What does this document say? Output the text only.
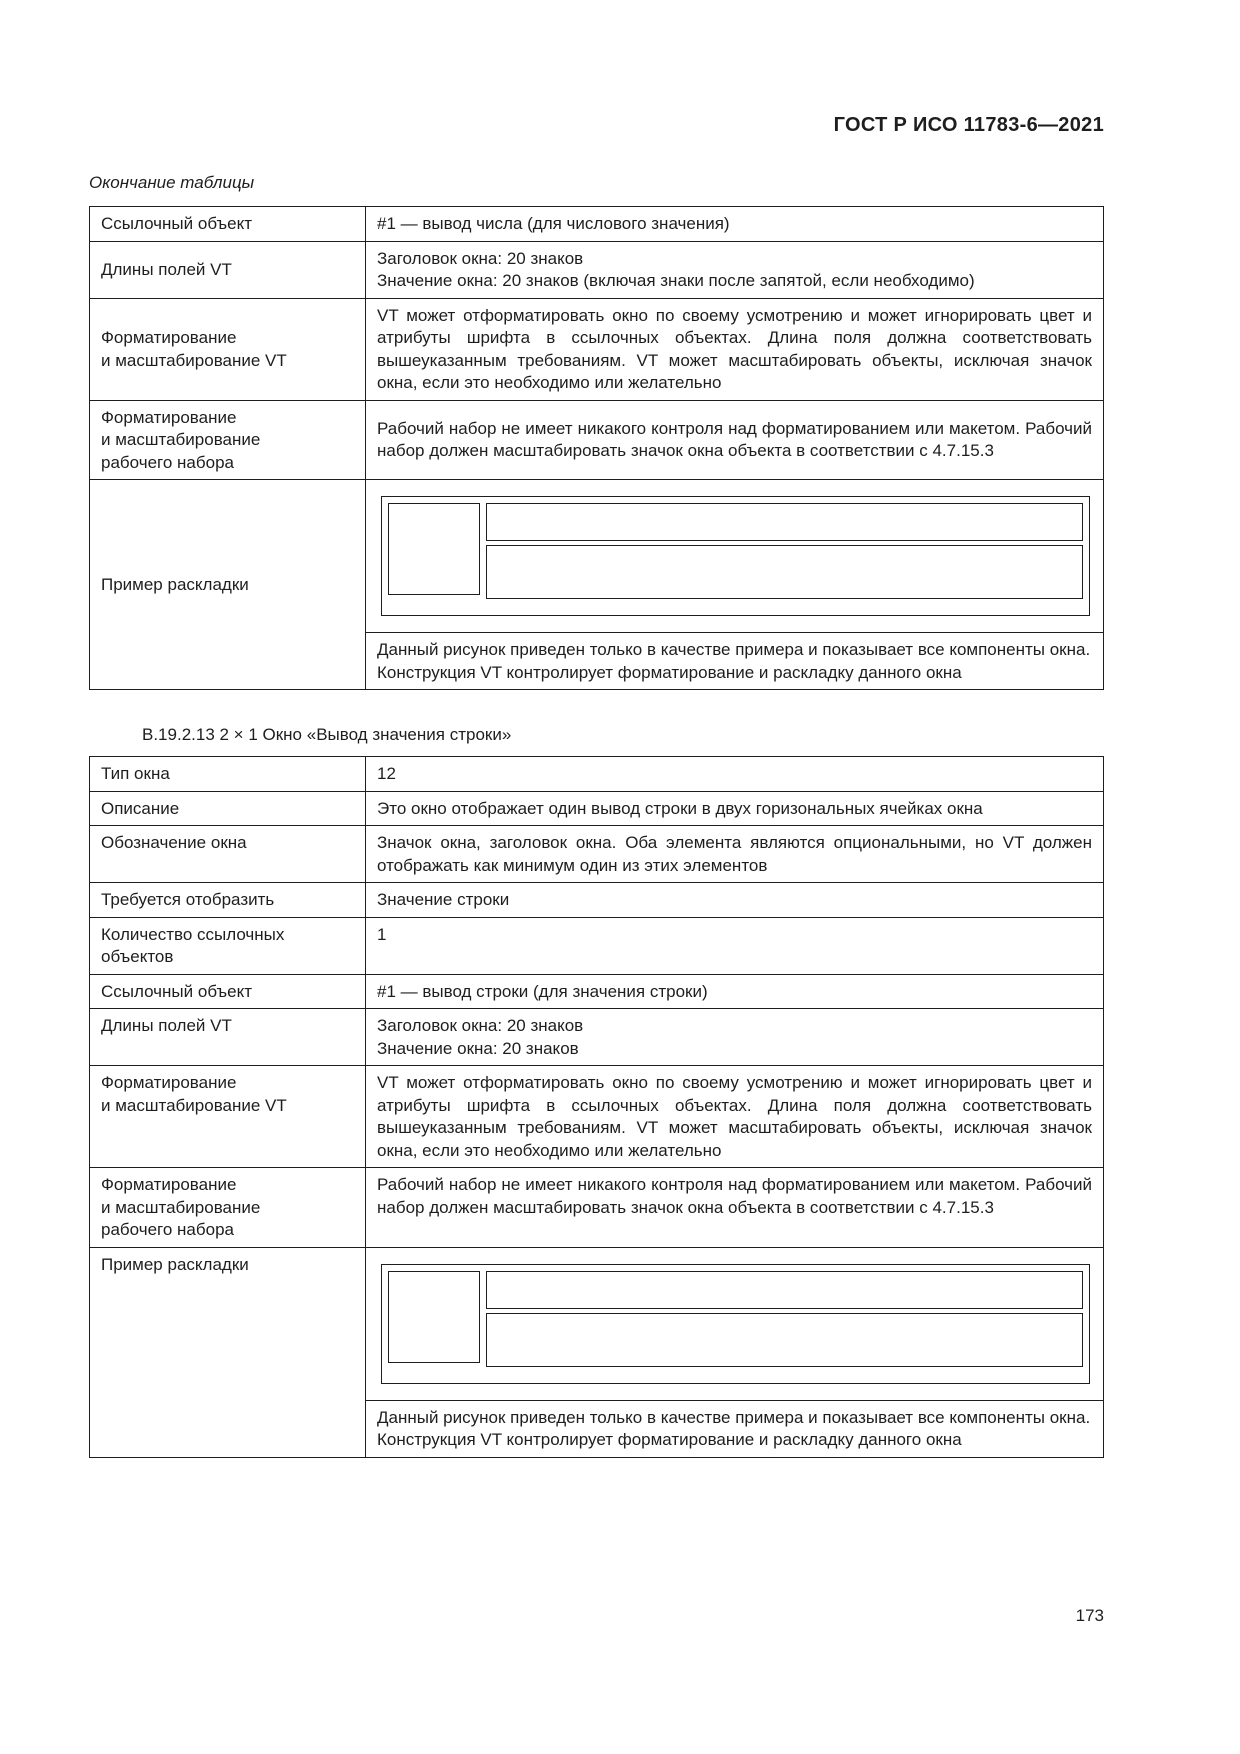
ГОСТ Р ИСО 11783-6—2021
Окончание таблицы
Ссылочный объект	#1 — вывод числа (для числового значения)
Длины полей VT	Заголовок окна: 20 знаков
Значение окна: 20 знаков (включая знаки после запятой, если необходимо)

Форматирование
и масштабирование VT	VT может отформатировать окно по своему усмотрению и может игнорировать цвет и атрибуты шрифта в ссылочных объектах. Длина поля должна соответствовать вышеуказанным требованиям. VT может масштабировать объекты, исключая значок окна, если это необходимо или желательно

Форматирование
и масштабирование
рабочего набора	Рабочий набор не имеет никакого контроля над форматированием или макетом. Рабочий набор должен масштабировать значок окна объекта в соответствии с 4.7.15.3
Пример раскладки	

	Данный рисунок приведен только в качестве примера и показывает все компоненты окна. Конструкция VT контролирует форматирование и раскладку данного окна
B.19.2.13 2 × 1 Окно «Вывод значения строки»
Тип окна	12
Описание	Это окно отображает один вывод строки в двух горизональных ячейках окна
Обозначение окна	Значок окна, заголовок окна. Оба элемента являются опциональными, но VT должен отображать как минимум один из этих элементов
Требуется отобразить	Значение строки

Количество ссылочных
объектов	1
Ссылочный объект	#1 — вывод строки (для значения строки)
Длины полей VT	Заголовок окна: 20 знаков
Значение окна: 20 знаков

Форматирование
и масштабирование VT	VT может отформатировать окно по своему усмотрению и может игнорировать цвет и атрибуты шрифта в ссылочных объектах. Длина поля должна соответствовать вышеуказанным требованиям. VT может масштабировать объекты, исключая значок окна, если это необходимо или желательно

Форматирование
и масштабирование
рабочего набора	Рабочий набор не имеет никакого контроля над форматированием или макетом. Рабочий набор должен масштабировать значок окна объекта в соответствии с 4.7.15.3
Пример раскладки	

	Данный рисунок приведен только в качестве примера и показывает все компоненты окна. Конструкция VT контролирует форматирование и раскладку данного окна
173
